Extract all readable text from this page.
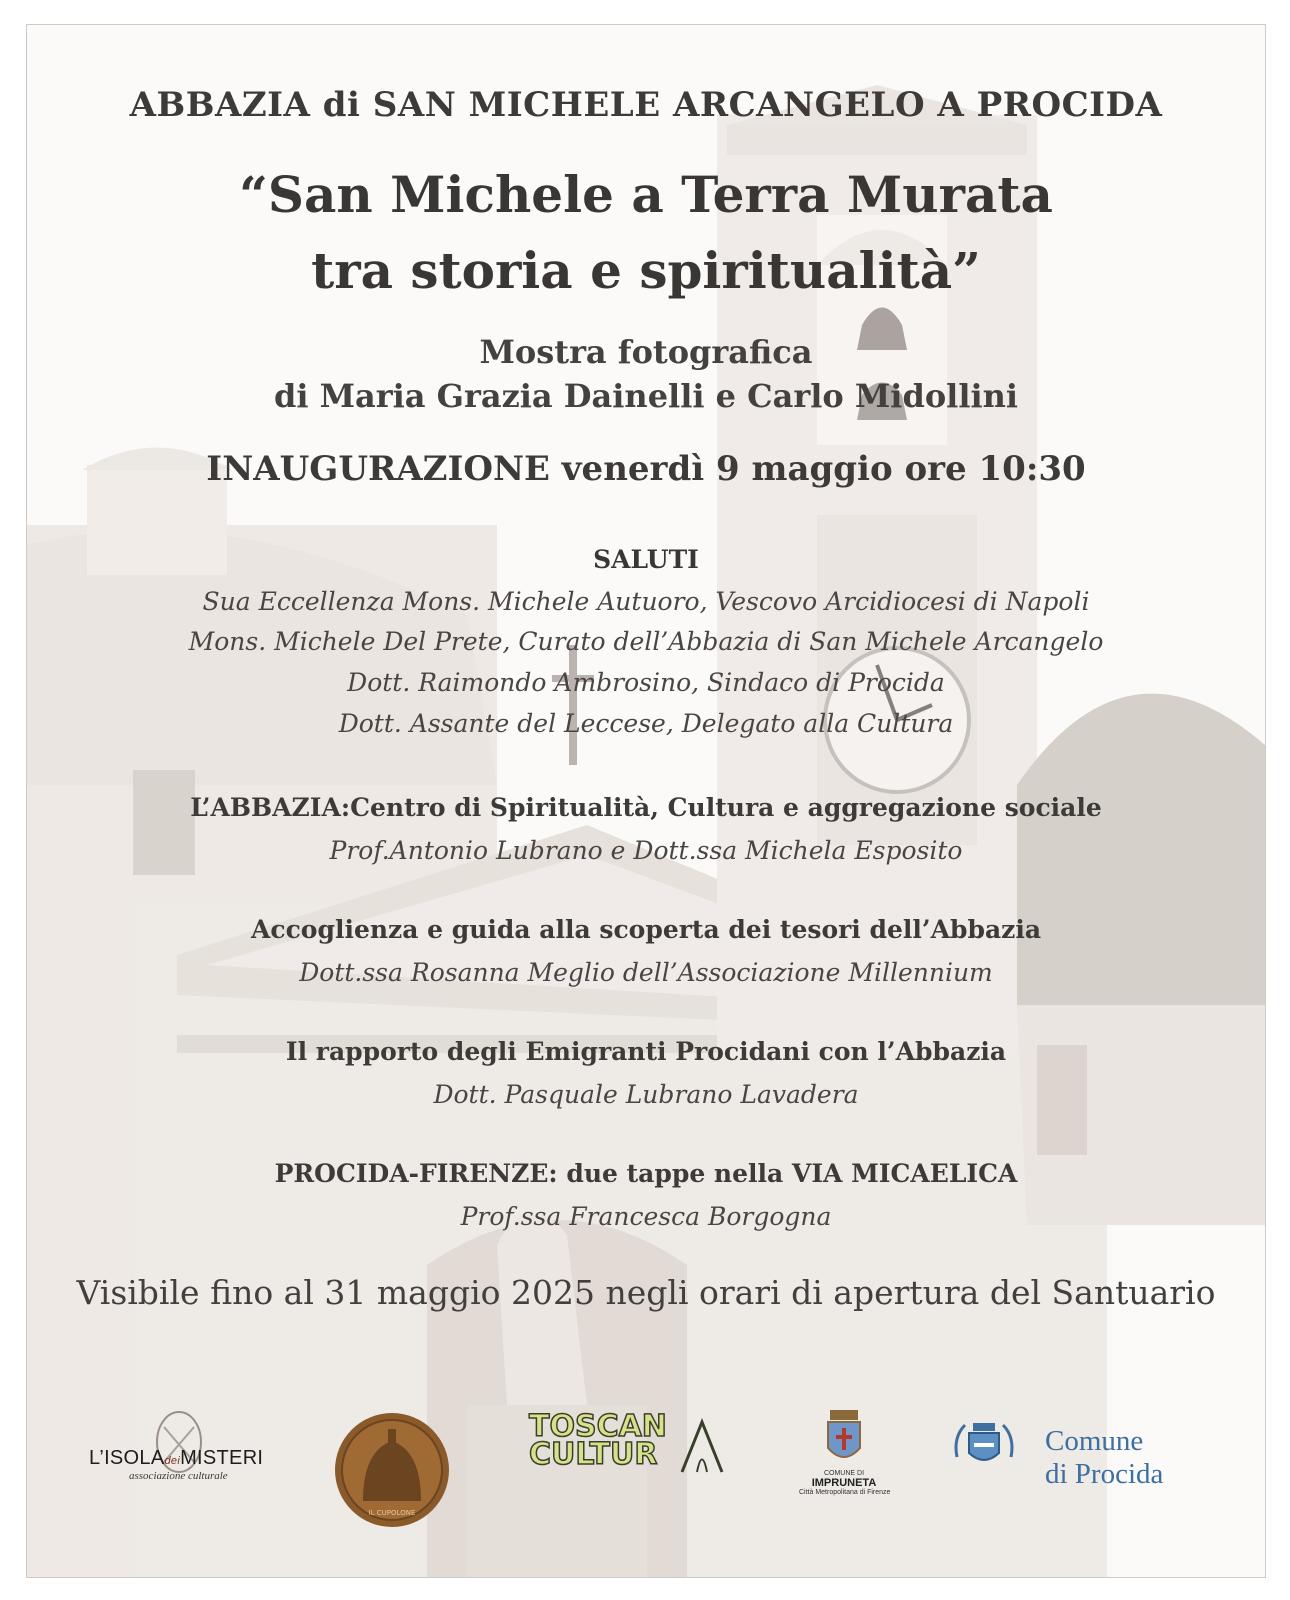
ABBAZIA di SAN MICHELE ARCANGELO A PROCIDA
“San Michele a Terra Murata
tra storia e spiritualità”
Mostra fotografica
di Maria Grazia Dainelli e Carlo Midollini
INAUGURAZIONE venerdì 9 maggio ore 10:30
SALUTI
Sua Eccellenza Mons. Michele Autuoro, Vescovo Arcidiocesi di Napoli
Mons. Michele Del Prete, Curato dell’Abbazia di San Michele Arcangelo
Dott. Raimondo Ambrosino, Sindaco di Procida
Dott. Assante del Leccese, Delegato alla Cultura
L’ABBAZIA:Centro di Spiritualità, Cultura e aggregazione sociale
Prof.Antonio Lubrano e Dott.ssa Michela Esposito
Accoglienza e guida alla scoperta dei tesori dell’Abbazia
Dott.ssa Rosanna Meglio dell’Associazione Millennium
Il rapporto degli Emigranti Procidani con l’Abbazia
Dott. Pasquale Lubrano Lavadera
PROCIDA-FIRENZE: due tappe nella VIA MICAELICA
Prof.ssa Francesca Borgogna
Visibile fino al 31 maggio 2025 negli orari di apertura del Santuario
L’ISOLAdeiMISTERI
associazione culturale
IL CUPOLONE
TOSCAN
CULTUR
COMUNE DI
IMPRUNETA
Città Metropolitana di Firenze
Comune
di Procida
